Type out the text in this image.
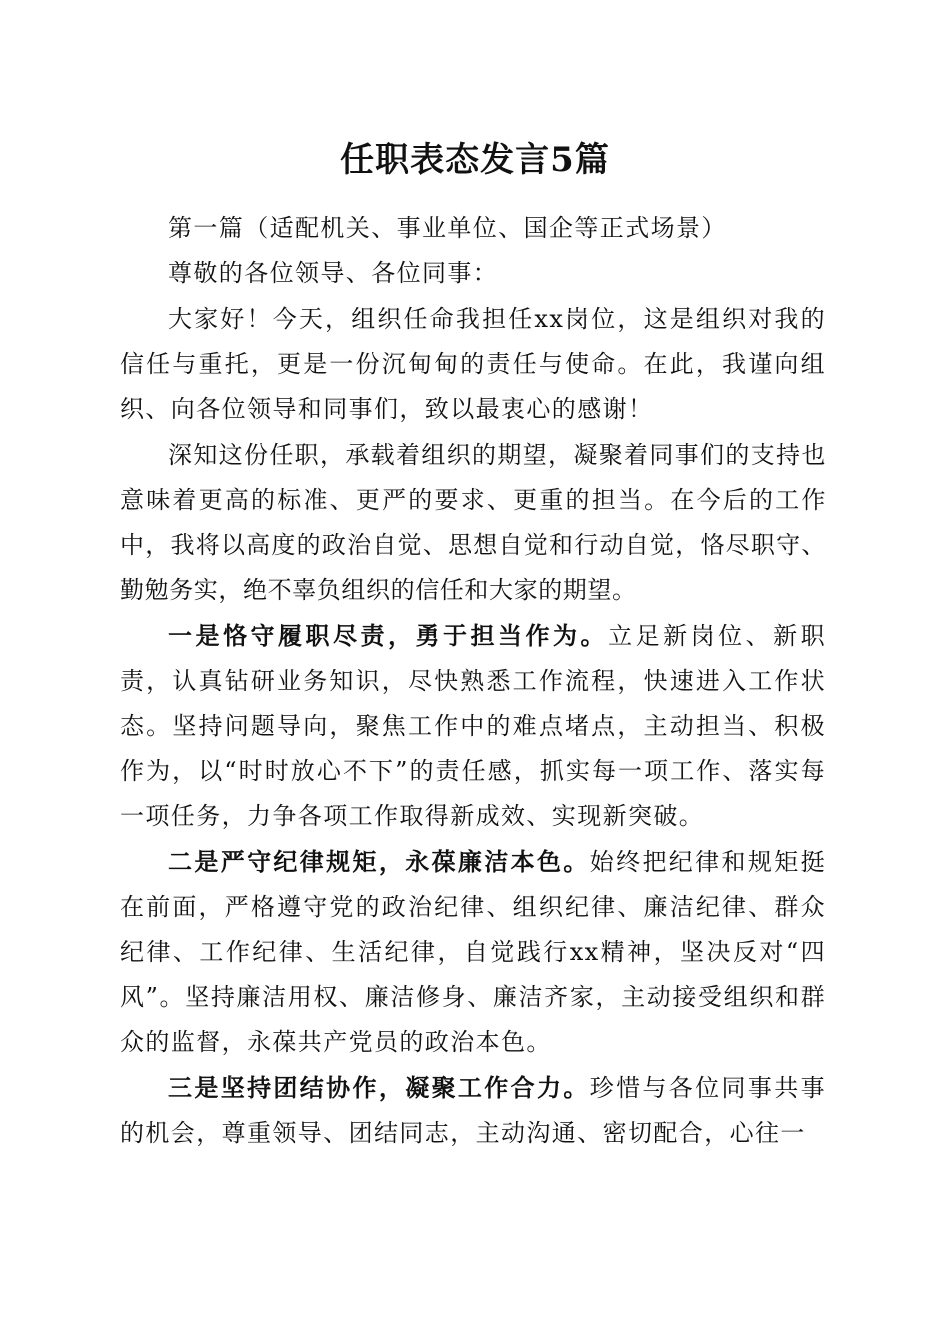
任职表态发言5篇

第一篇（适配机关、事业单位、国企等正式场景）

尊敬的各位领导、各位同事：

大家好！今天，组织任命我担任xx岗位，这是组织对我的信任与重托，更是一份沉甸甸的责任与使命。在此，我谨向组织、向各位领导和同事们，致以最衷心的感谢！

深知这份任职，承载着组织的期望，凝聚着同事们的支持也意味着更高的标准、更严的要求、更重的担当。在今后的工作中，我将以高度的政治自觉、思想自觉和行动自觉，恪尽职守、勤勉务实，绝不辜负组织的信任和大家的期望。

一是恪守履职尽责，勇于担当作为。立足新岗位、新职责，认真钻研业务知识，尽快熟悉工作流程，快速进入工作状态。坚持问题导向，聚焦工作中的难点堵点，主动担当、积极作为，以“时时放心不下”的责任感，抓实每一项工作、落实每一项任务，力争各项工作取得新成效、实现新突破。

二是严守纪律规矩，永葆廉洁本色。始终把纪律和规矩挺在前面，严格遵守党的政治纪律、组织纪律、廉洁纪律、群众纪律、工作纪律、生活纪律，自觉践行xx精神，坚决反对“四风”。坚持廉洁用权、廉洁修身、廉洁齐家，主动接受组织和群众的监督，永葆共产党员的政治本色。

三是坚持团结协作，凝聚工作合力。珍惜与各位同事共事的机会，尊重领导、团结同志，主动沟通、密切配合，心往一
